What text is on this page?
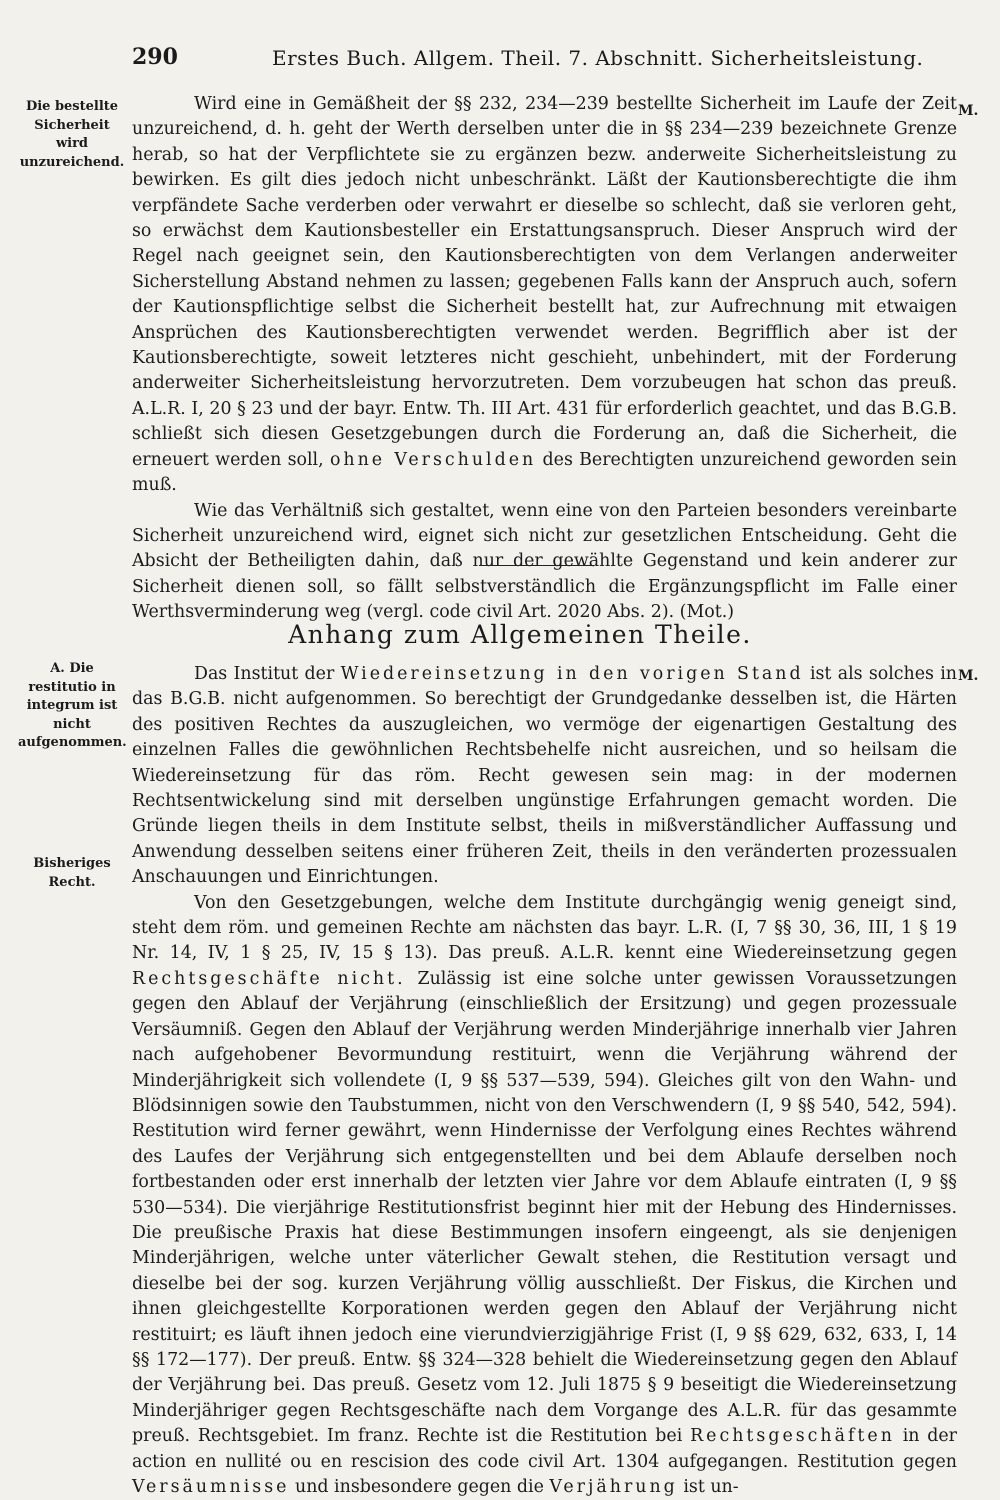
290	Erstes Buch. Allgem. Theil. 7. Abschnitt. Sicherheitsleistung.
Die bestellte Sicherheit wird unzureichend.
A. Die restitutio in integrum ist nicht aufgenommen.
Bisheriges Recht.
M.
M.

Wird eine in Gemäßheit der §§ 232, 234—239 bestellte Sicherheit im Laufe der Zeit unzureichend, d. h. geht der Werth derselben unter die in §§ 234—239 bezeichnete Grenze herab, so hat der Verpflichtete sie zu ergänzen bezw. anderweite Sicherheitsleistung zu bewirken. Es gilt dies jedoch nicht unbeschränkt. Läßt der Kautionsberechtigte die ihm verpfändete Sache verderben oder verwahrt er dieselbe so schlecht, daß sie verloren geht, so erwächst dem Kautionsbesteller ein Erstattungsanspruch. Dieser Anspruch wird der Regel nach geeignet sein, den Kautionsberechtigten von dem Verlangen anderweiter Sicherstellung Abstand nehmen zu lassen; gegebenen Falls kann der Anspruch auch, sofern der Kautionspflichtige selbst die Sicherheit bestellt hat, zur Aufrechnung mit etwaigen Ansprüchen des Kautionsberechtigten verwendet werden. Begrifflich aber ist der Kautionsberechtigte, soweit letzteres nicht geschieht, unbehindert, mit der Forderung anderweiter Sicherheitsleistung hervorzutreten. Dem vorzubeugen hat schon das preuß. A.L.R. I, 20 § 23 und der bayr. Entw. Th. III Art. 431 für erforderlich geachtet, und das B.G.B. schließt sich diesen Gesetzgebungen durch die Forderung an, daß die Sicherheit, die erneuert werden soll, ohne Verschulden des Berechtigten unzureichend geworden sein muß.

Wie das Verhältniß sich gestaltet, wenn eine von den Parteien besonders vereinbarte Sicherheit unzureichend wird, eignet sich nicht zur gesetzlichen Entscheidung. Geht die Absicht der Betheiligten dahin, daß nur der gewählte Gegenstand und kein anderer zur Sicherheit dienen soll, so fällt selbstverständlich die Ergänzungspflicht im Falle einer Werthsverminderung weg (vergl. code civil Art. 2020 Abs. 2). (Mot.)

Anhang zum Allgemeinen Theile.

Das Institut der Wiedereinsetzung in den vorigen Stand ist als solches in das B.G.B. nicht aufgenommen. So berechtigt der Grundgedanke desselben ist, die Härten des positiven Rechtes da auszugleichen, wo vermöge der eigenartigen Gestaltung des einzelnen Falles die gewöhnlichen Rechtsbehelfe nicht ausreichen, und so heilsam die Wiedereinsetzung für das röm. Recht gewesen sein mag: in der modernen Rechtsentwickelung sind mit derselben ungünstige Erfahrungen gemacht worden. Die Gründe liegen theils in dem Institute selbst, theils in mißverständlicher Auffassung und Anwendung desselben seitens einer früheren Zeit, theils in den veränderten prozessualen Anschauungen und Einrichtungen.

Von den Gesetzgebungen, welche dem Institute durchgängig wenig geneigt sind, steht dem röm. und gemeinen Rechte am nächsten das bayr. L.R. (I, 7 §§ 30, 36, III, 1 § 19 Nr. 14, IV, 1 § 25, IV, 15 § 13). Das preuß. A.L.R. kennt eine Wiedereinsetzung gegen Rechtsgeschäfte nicht. Zulässig ist eine solche unter gewissen Voraussetzungen gegen den Ablauf der Verjährung (einschließlich der Ersitzung) und gegen prozessuale Versäumniß. Gegen den Ablauf der Verjährung werden Minderjährige innerhalb vier Jahren nach aufgehobener Bevormundung restituirt, wenn die Verjährung während der Minderjährigkeit sich vollendete (I, 9 §§ 537—539, 594). Gleiches gilt von den Wahn- und Blödsinnigen sowie den Taubstummen, nicht von den Verschwendern (I, 9 §§ 540, 542, 594). Restitution wird ferner gewährt, wenn Hindernisse der Verfolgung eines Rechtes während des Laufes der Verjährung sich entgegenstellten und bei dem Ablaufe derselben noch fortbestanden oder erst innerhalb der letzten vier Jahre vor dem Ablaufe eintraten (I, 9 §§ 530—534). Die vierjährige Restitutionsfrist beginnt hier mit der Hebung des Hindernisses. Die preußische Praxis hat diese Bestimmungen insofern eingeengt, als sie denjenigen Minderjährigen, welche unter väterlicher Gewalt stehen, die Restitution versagt und dieselbe bei der sog. kurzen Verjährung völlig ausschließt. Der Fiskus, die Kirchen und ihnen gleichgestellte Korporationen werden gegen den Ablauf der Verjährung nicht restituirt; es läuft ihnen jedoch eine vierundvierzigjährige Frist (I, 9 §§ 629, 632, 633, I, 14 §§ 172—177). Der preuß. Entw. §§ 324—328 behielt die Wiedereinsetzung gegen den Ablauf der Verjährung bei. Das preuß. Gesetz vom 12. Juli 1875 § 9 beseitigt die Wiedereinsetzung Minderjähriger gegen Rechtsgeschäfte nach dem Vorgange des A.L.R. für das gesammte preuß. Rechtsgebiet. Im franz. Rechte ist die Restitution bei Rechtsgeschäften in der action en nullité ou en rescision des code civil Art. 1304 aufgegangen. Restitution gegen Versäumnisse und insbesondere gegen die Verjährung ist un-
